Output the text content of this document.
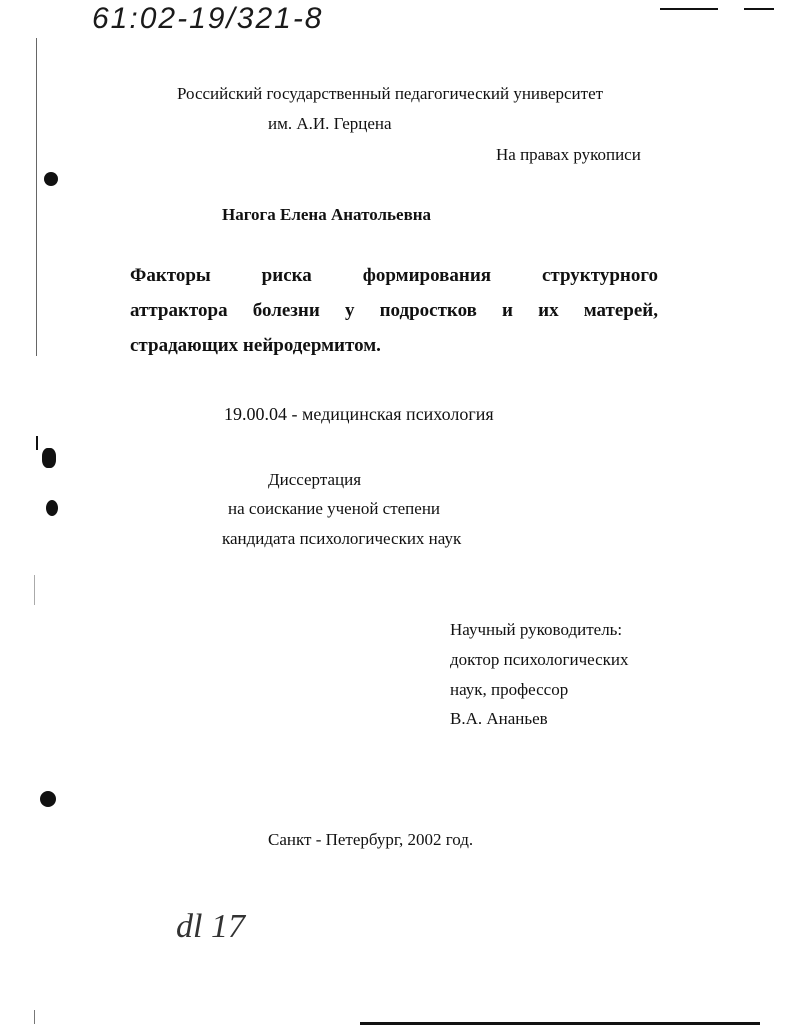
61:02-19/321-8
Российский государственный педагогический университет
им. А.И. Герцена
На правах рукописи
Нагога Елена Анатольевна
Факторы риска формирования структурного
аттрактора болезни у подростков и их матерей,
страдающих нейродермитом.
19.00.04 - медицинская психология
Диссертация
на соискание ученой степени
кандидата психологических наук
Научный руководитель:
доктор психологических
наук, профессор
В.А. Ананьев
Санкт - Петербург, 2002 год.
dl 17
